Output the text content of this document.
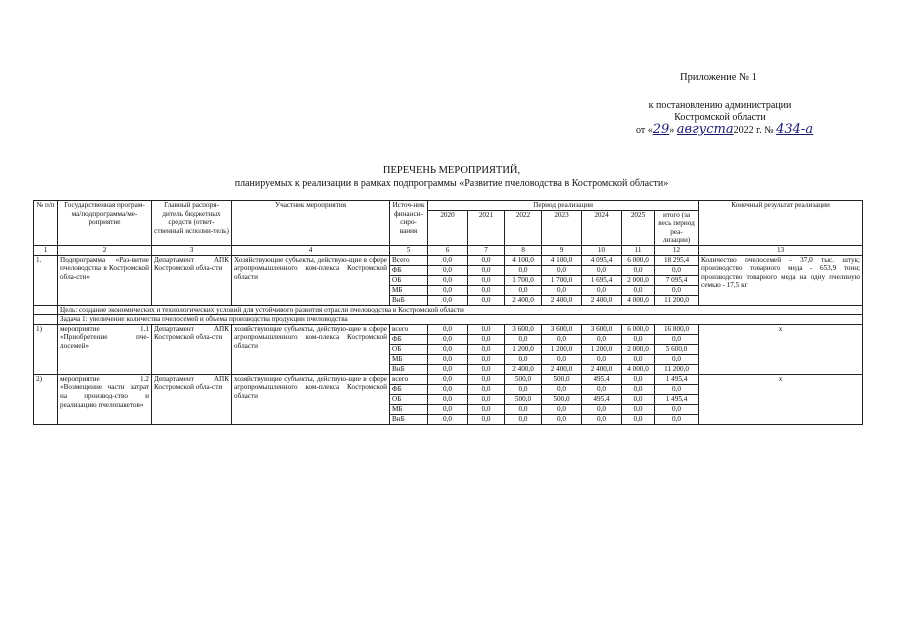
Приложение № 1
к постановлению администрации
Костромской области
от «29» августа2022 г. № 434-а
ПЕРЕЧЕНЬ МЕРОПРИЯТИЙ,
планируемых к реализации в рамках подпрограммы «Развитие пчеловодства в Костромской области»
№ п/п	Государственная програм-ма/подпрограмма/ме-роприятие	Главный распоря-дитель бюджетных средств (ответ-ственный исполни-тель)	Участник мероприятия	Источ-ник финанси-сиро-вания	Период реализации							Конечный результат реализации
					2020	2021	2022	2023	2024	2025	итого (за весь период реа-лизации)	
1	2	3	4	5	6	7	8	9	10	11	12	13
1.	Подпрограмма «Раз-витие пчеловодства в Костромской обла-сти»	Департамент АПК Костромской обла-сти	Хозяйствующие субъекты, действую-щие в сфере агропромышленного ком-плекса Костромской области	Всего	0,0	0,0	4 100,0	4 100,0	4 095,4	6 000,0	18 295,4	Количество пчелосемей - 37,0 тыс. штук; производство товарного меда - 653,9 тонн; производство товарного меда на одну пчелиную семью - 17,5 кг
				ФБ	0,0	0,0	0,0	0,0	0,0	0,0	0,0	
				ОБ	0,0	0,0	1 700,0	1 700,0	1 695,4	2 000,0	7 095,4	
				МБ	0,0	0,0	0,0	0,0	0,0	0,0	0,0	
				ВнБ	0,0	0,0	2 400,0	2 400,0	2 400,0	4 000,0	11 200,0	
	Цель: создание экономических и технологических условий для устойчивого развития отрасли пчеловодства в Костромской области											
	Задача 1: увеличение количества пчелосемей и объема производства продукции пчеловодства											
1)	мероприятие 1.1 «Приобретение пче-лосемей»	Департамент АПК Костромской обла-сти	хозяйствующие субъекты, действую-щие в сфере агропромышленного ком-плекса Костромской области	всего	0,0	0,0	3 600,0	3 600,0	3 600,0	6 000,0	16 800,0	х
				ФБ	0,0	0,0	0,0	0,0	0,0	0,0	0,0	
				ОБ	0,0	0,0	1 200,0	1 200,0	1 200,0	2 000,0	5 600,0	
				МБ	0,0	0,0	0,0	0,0	0,0	0,0	0,0	
				ВнБ	0,0	0,0	2 400,0	2 400,0	2 400,0	4 000,0	11 200,0	
2)	мероприятие 1.2 «Возмещение части затрат на производ-ство и реализацию пчелопакетов»	Департамент АПК Костромской обла-сти	хозяйствующие субъекты, действую-щие в сфере агропромышленного ком-плекса Костромской области	всего	0,0	0,0	500,0	500,0	495,4	0,0	1 495,4	х
				ФБ	0,0	0,0	0,0	0,0	0,0	0,0	0,0	
				ОБ	0,0	0,0	500,0	500,0	495,4	0,0	1 495,4	
				МБ	0,0	0,0	0,0	0,0	0,0	0,0	0,0	
				ВнБ	0,0	0,0	0,0	0,0	0,0	0,0	0,0	
